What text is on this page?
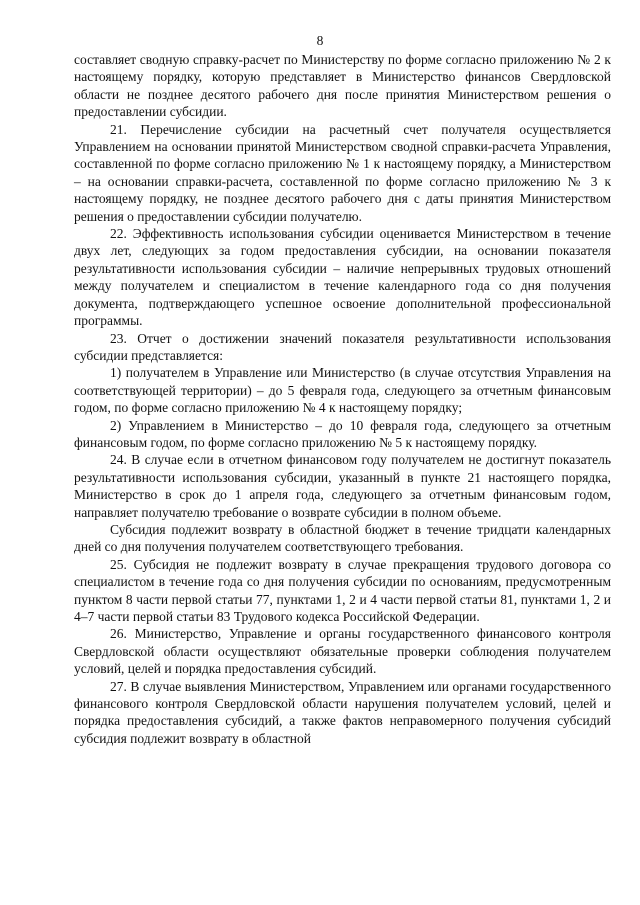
8

составляет сводную справку-расчет по Министерству по форме согласно приложению № 2 к настоящему порядку, которую представляет в Министерство финансов Свердловской области не позднее десятого рабочего дня после принятия Министерством решения о предоставлении субсидии.

21. Перечисление субсидии на расчетный счет получателя осуществляется Управлением на основании принятой Министерством сводной справки-расчета Управления, составленной по форме согласно приложению № 1 к настоящему порядку, а Министерством – на основании справки-расчета, составленной по форме согласно приложению № 3 к настоящему порядку, не позднее десятого рабочего дня с даты принятия Министерством решения о предоставлении субсидии получателю.

22. Эффективность использования субсидии оценивается Министерством в течение двух лет, следующих за годом предоставления субсидии, на основании показателя результативности использования субсидии – наличие непрерывных трудовых отношений между получателем и специалистом в течение календарного года со дня получения документа, подтверждающего успешное освоение дополнительной профессиональной программы.

23. Отчет о достижении значений показателя результативности использования субсидии представляется:

1) получателем в Управление или Министерство (в случае отсутствия Управления на соответствующей территории) – до 5 февраля года, следующего за отчетным финансовым годом, по форме согласно приложению № 4 к настоящему порядку;

2) Управлением в Министерство – до 10 февраля года, следующего за отчетным финансовым годом, по форме согласно приложению № 5 к настоящему порядку.

24. В случае если в отчетном финансовом году получателем не достигнут показатель результативности использования субсидии, указанный в пункте 21 настоящего порядка, Министерство в срок до 1 апреля года, следующего за отчетным финансовым годом, направляет получателю требование о возврате субсидии в полном объеме.

Субсидия подлежит возврату в областной бюджет в течение тридцати календарных дней со дня получения получателем соответствующего требования.

25. Субсидия не подлежит возврату в случае прекращения трудового договора со специалистом в течение года со дня получения субсидии по основаниям, предусмотренным пунктом 8 части первой статьи 77, пунктами 1, 2 и 4 части первой статьи 81, пунктами 1, 2 и 4–7 части первой статьи 83 Трудового кодекса Российской Федерации.

26. Министерство, Управление и органы государственного финансового контроля Свердловской области осуществляют обязательные проверки соблюдения получателем условий, целей и порядка предоставления субсидий.

27. В случае выявления Министерством, Управлением или органами государственного финансового контроля Свердловской области нарушения получателем условий, целей и порядка предоставления субсидий, а также фактов неправомерного получения субсидий субсидия подлежит возврату в областной
